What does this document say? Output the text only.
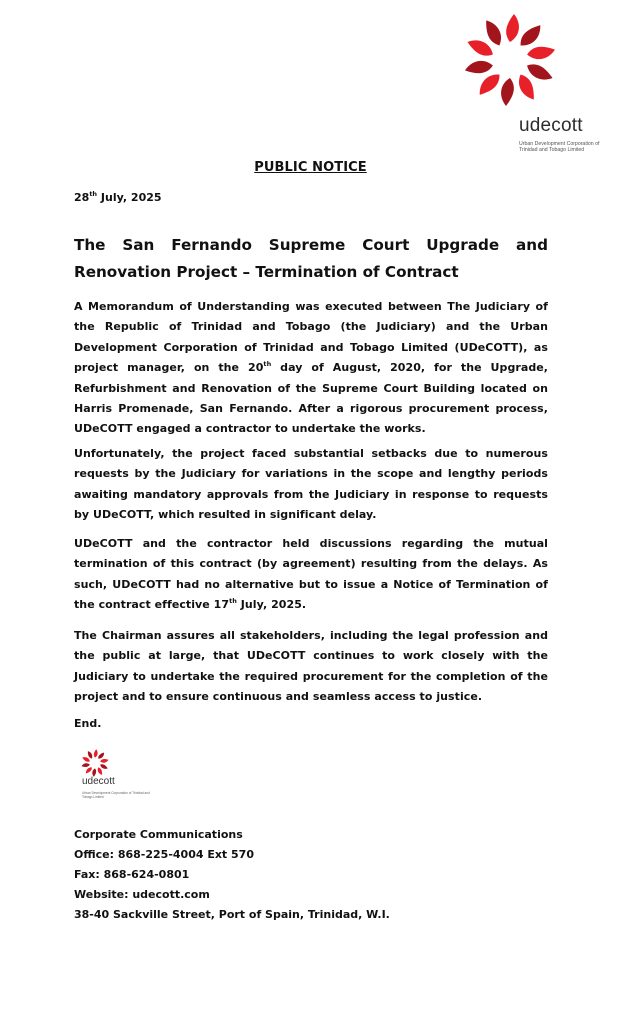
udecott
Urban Development Corporation of Trinidad and Tobago Limited
PUBLIC NOTICE
28th July, 2025
The San Fernando Supreme Court Upgrade and Renovation Project – Termination of Contract
A Memorandum of Understanding was executed between The Judiciary of the Republic of Trinidad and Tobago (the Judiciary) and the Urban Development Corporation of Trinidad and Tobago Limited (UDeCOTT), as project manager, on the 20th day of August, 2020, for the Upgrade, Refurbishment and Renovation of the Supreme Court Building located on Harris Promenade, San Fernando. After a rigorous procurement process, UDeCOTT engaged a contractor to undertake the works.
Unfortunately, the project faced substantial setbacks due to numerous requests by the Judiciary for variations in the scope and lengthy periods awaiting mandatory approvals from the Judiciary in response to requests by UDeCOTT, which resulted in significant delay.
UDeCOTT and the contractor held discussions regarding the mutual termination of this contract (by agreement) resulting from the delays. As such, UDeCOTT had no alternative but to issue a Notice of Termination of the contract effective 17th July, 2025.
The Chairman assures all stakeholders, including the legal profession and the public at large, that UDeCOTT continues to work closely with the Judiciary to undertake the required procurement for the completion of the project and to ensure continuous and seamless access to justice.
End.
udecott
Urban Development Corporation of Trinidad and Tobago Limited
Corporate Communications
Office: 868-225-4004 Ext 570
Fax: 868-624-0801
Website: udecott.com
38-40 Sackville Street, Port of Spain, Trinidad, W.I.
